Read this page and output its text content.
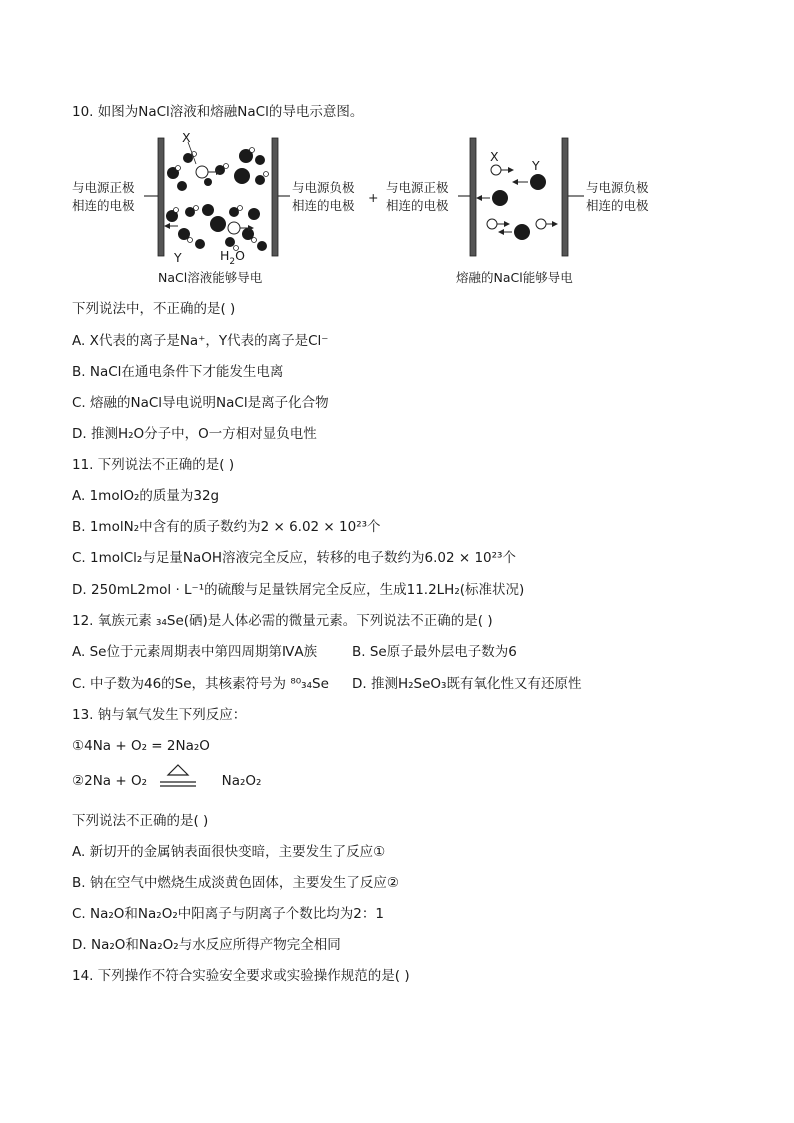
10. 如图为NaCl溶液和熔融NaCl的导电示意图。
与电源正极
相连的电极
与电源负极
相连的电极
+
X
Y	$H_2O$
NaCl溶液能够导电
与电源正极
相连的电极
与电源负极
相连的电极
X
Y
熔融的NaCl能够导电
下列说法中，不正确的是( )
A. X代表的离子是Na⁺，Y代表的离子是Cl⁻
B. NaCl在通电条件下才能发生电离
C. 熔融的NaCl导电说明NaCl是离子化合物
D. 推测H₂O分子中，O一方相对显负电性
11. 下列说法不正确的是( )
A. 1molO₂的质量为32g
B. 1molN₂中含有的质子数约为2 × 6.02 × 10²³个
C. 1molCl₂与足量NaOH溶液完全反应，转移的电子数约为6.02 × 10²³个
D. 250mL2mol · L⁻¹的硫酸与足量铁屑完全反应，生成11.2LH₂(标准状况)
12. 氧族元素 ₃₄Se(硒)是人体必需的微量元素。下列说法不正确的是( )
A. Se位于元素周期表中第四周期第ⅣA族	B. Se原子最外层电子数为6
C. 中子数为46的Se，其核素符号为 ⁸⁰₃₄Se D. 推测H₂SeO₃既有氧化性又有还原性
13. 钠与氧气发生下列反应：
①4Na + O₂ = 2Na₂O
②2Na + O₂	Na₂O₂
下列说法不正确的是( )
A. 新切开的金属钠表面很快变暗，主要发生了反应①
B. 钠在空气中燃烧生成淡黄色固体，主要发生了反应②
C. Na₂O和Na₂O₂中阳离子与阴离子个数比均为2：1
D. Na₂O和Na₂O₂与水反应所得产物完全相同
14. 下列操作不符合实验安全要求或实验操作规范的是( )
